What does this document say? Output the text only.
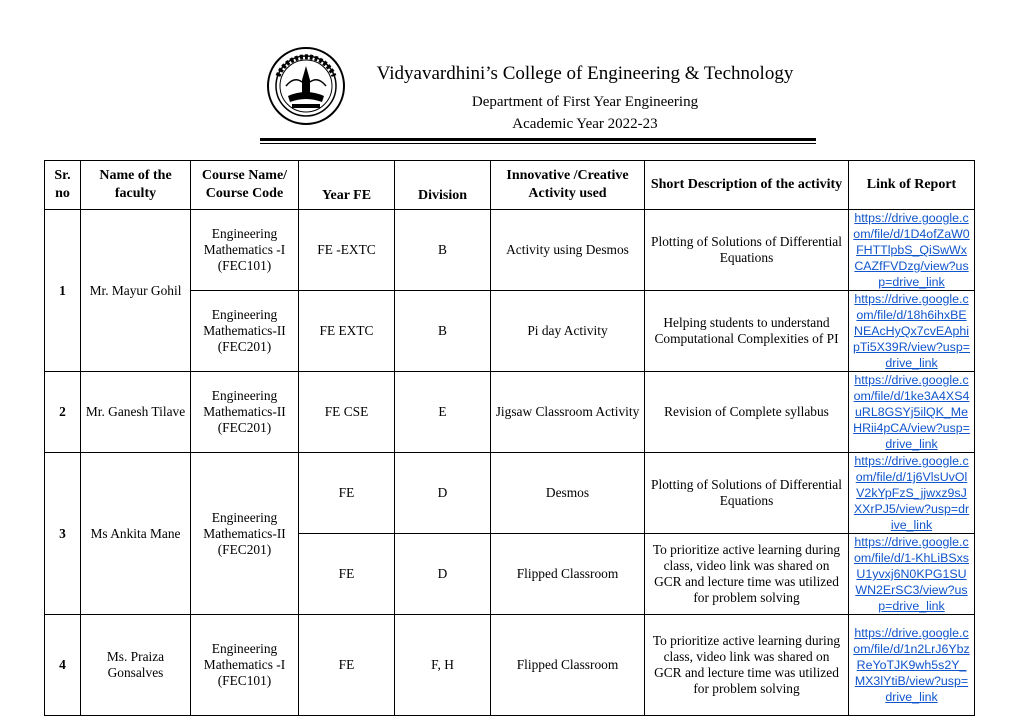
Vidyavardhini’s College of Engineering & Technology
Department of First Year Engineering
Academic Year 2022-23
Sr.
no	Name of the faculty	Course Name/ Course Code	Year FE	Division	Innovative /Creative Activity used	Short Description of the activity	Link of Report
1	Mr. Mayur Gohil	Engineering Mathematics -I (FEC101)	FE -EXTC	B	Activity using Desmos	Plotting of Solutions of Differential Equations	https://drive.google.com/file/d/1D4ofZaW0FHTTlpbS_QiSwWxCAZfFVDzg/view?usp=drive_link
		Engineering Mathematics-II (FEC201)	FE EXTC	B	Pi day Activity	Helping students to understand Computational Complexities of PI	https://drive.google.com/file/d/18h6ihxBENEAcHyQx7cvEAphipTi5X39R/view?usp=drive_link
2	Mr. Ganesh Tilave	Engineering Mathematics-II (FEC201)	FE CSE	E	Jigsaw Classroom Activity	Revision of Complete syllabus	https://drive.google.com/file/d/1ke3A4XS4uRL8GSYj5ilQK_MeHRii4pCA/view?usp=drive_link
3	Ms Ankita Mane	Engineering Mathematics-II (FEC201)	FE	D	Desmos	Plotting of Solutions of Differential Equations	https://drive.google.com/file/d/1j6VlsUvOlV2kYpFzS_jjwxz9sJXXrPJ5/view?usp=drive_link
			FE	D	Flipped Classroom	To prioritize active learning during class, video link was shared on GCR and lecture time was utilized for problem solving	https://drive.google.com/file/d/1-KhLiBSxsU1yvxj6N0KPG1SUWN2ErSC3/view?usp=drive_link
4	Ms. Praiza Gonsalves	Engineering Mathematics -I (FEC101)	FE	F, H	Flipped Classroom	To prioritize active learning during class, video link was shared on GCR and lecture time was utilized for problem solving	https://drive.google.com/file/d/1n2LrJ6YbzReYoTJK9wh5s2Y_MX3lYtiB/view?usp=drive_link
